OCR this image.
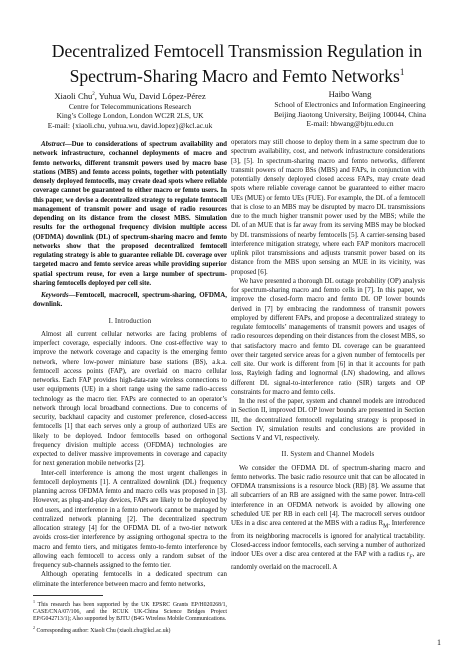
Decentralized Femtocell Transmission Regulation in
Spectrum-Sharing Macro and Femto Networks$^1$
Xiaoli Chu$^2$, Yuhua Wu, David López-Pérez
Centre for Telecommunications Research
King’s College London, London WC2R 2LS, UK
E-mail: {xiaoli.chu, yuhua.wu, david.lopez}@kcl.ac.uk
Haibo Wang
School of Electronics and Information Engineering
Beijing Jiaotong University, Beijing 100044, China
E-mail: hbwang@bjtu.edu.cn

Abstract—Due to considerations of spectrum availability and network infrastructure, cochannel deployments of macro and femto networks, different transmit powers used by macro base stations (MBS) and femto access points, together with potentially densely deployed femtocells, may create dead spots where reliable coverage cannot be guaranteed to either macro or femto users. In this paper, we devise a decentralized strategy to regulate femtocell management of transmit power and usage of radio resources depending on its distance from the closest MBS. Simulation results for the orthogonal frequency division multiple access (OFDMA) downlink (DL) of spectrum-sharing macro and femto networks show that the proposed decentralized femtocell regulating strategy is able to guarantee reliable DL coverage over targeted macro and femto service areas while providing superior spatial spectrum reuse, for even a large number of spectrum-sharing femtocells deployed per cell site.

Keywords—Femtocell, macrocell, spectrum-sharing, OFDMA, downlink.

I. Introduction

Almost all current cellular networks are facing problems of imperfect coverage, especially indoors. One cost-effective way to improve the network coverage and capacity is the emerging femto network, where low-power miniature base stations (BS), a.k.a. femtocell access points (FAP), are overlaid on macro cellular networks. Each FAP provides high-data-rate wireless connections to user equipments (UE) in a short range using the same radio-access technology as the macro tier. FAPs are connected to an operator’s network through local broadband connections. Due to concerns of security, backhaul capacity and customer preference, closed-access femtocells [1] that each serves only a group of authorized UEs are likely to be deployed. Indoor femtocells based on orthogonal frequency division multiple access (OFDMA) technologies are expected to deliver massive improvements in coverage and capacity for next generation mobile networks [2].

Inter-cell interference is among the most urgent challenges in femtocell deployments [1]. A centralized downlink (DL) frequency planning across OFDMA femto and macro cells was proposed in [3]. However, as plug-and-play devices, FAPs are likely to be deployed by end users, and interference in a femto network cannot be managed by centralized network planning [2]. The decentralized spectrum allocation strategy [4] for the OFDMA DL of a two-tier network avoids cross-tier interference by assigning orthogonal spectra to the macro and femto tiers, and mitigates femto-to-femto interference by allowing each femtocell to access only a random subset of the frequency sub-channels assigned to the femto tier.

Although operating femtocells in a dedicated spectrum can eliminate the interference between macro and femto networks,

$^1$ This research has been supported by the UK EPSRC Grants EP/H020268/1, CASE/CNA/07/106, and the RCUK UK-China Science Bridges Project EP/G042713/1); Also supported by BJTU (B4G Wireless Mobile Communications.

$^2$ Corresponding author: Xiaoli Chu (xiaoli.chu@kcl.ac.uk)

operators may still choose to deploy them in a same spectrum due to spectrum availability, cost, and network infrastructure considerations [3], [5]. In spectrum-sharing macro and femto networks, different transmit powers of macro BSs (MBS) and FAPs, in conjunction with potentially densely deployed closed access FAPs, may create dead spots where reliable coverage cannot be guaranteed to either macro UEs (MUE) or femto UEs (FUE). For example, the DL of a femtocell that is close to an MBS may be disrupted by macro DL transmissions due to the much higher transmit power used by the MBS; while the DL of an MUE that is far away from its serving MBS may be blocked by DL transmissions of nearby femtocells [5]. A carrier-sensing based interference mitigation strategy, where each FAP monitors macrocell uplink pilot transmissions and adjusts transmit power based on its distance from the MBS upon sensing an MUE in its vicinity, was proposed [6].

We have presented a thorough DL outage probability (OP) analysis for spectrum-sharing macro and femto cells in [7]. In this paper, we improve the closed-form macro and femto DL OP lower bounds derived in [7] by embracing the randomness of transmit powers employed by different FAPs, and propose a decentralized strategy to regulate femtocells’ managements of transmit powers and usages of radio resources depending on their distances from the closest MBS, so that satisfactory macro and femto DL coverage can be guaranteed over their targeted service areas for a given number of femtocells per cell site. Our work is different from [6] in that it accounts for path loss, Rayleigh fading and lognormal (LN) shadowing, and allows different DL signal-to-interference ratio (SIR) targets and OP constraints for macro and femto cells.

In the rest of the paper, system and channel models are introduced in Section II, improved DL OP lower bounds are presented in Section III, the decentralized femtocell regulating strategy is proposed in Section IV, simulation results and conclusions are provided in Sections V and VI, respectively.

II. System and Channel Models

We consider the OFDMA DL of spectrum-sharing macro and femto networks. The basic radio resource unit that can be allocated in OFDMA transmissions is a resource block (RB) [8]. We assume that all subcarriers of an RB are assigned with the same power. Intra-cell interference in an OFDMA network is avoided by allowing one scheduled UE per RB in each cell [4]. The macrocell serves outdoor UEs in a disc area centered at the MBS with a radius $R_M$. Interference from its neighboring macrocells is ignored for analytical tractability. Closed-access indoor femtocells, each serving a number of authorized indoor UEs over a disc area centered at the FAP with a radius $r_F$, are randomly overlaid on the macrocell. A

1
